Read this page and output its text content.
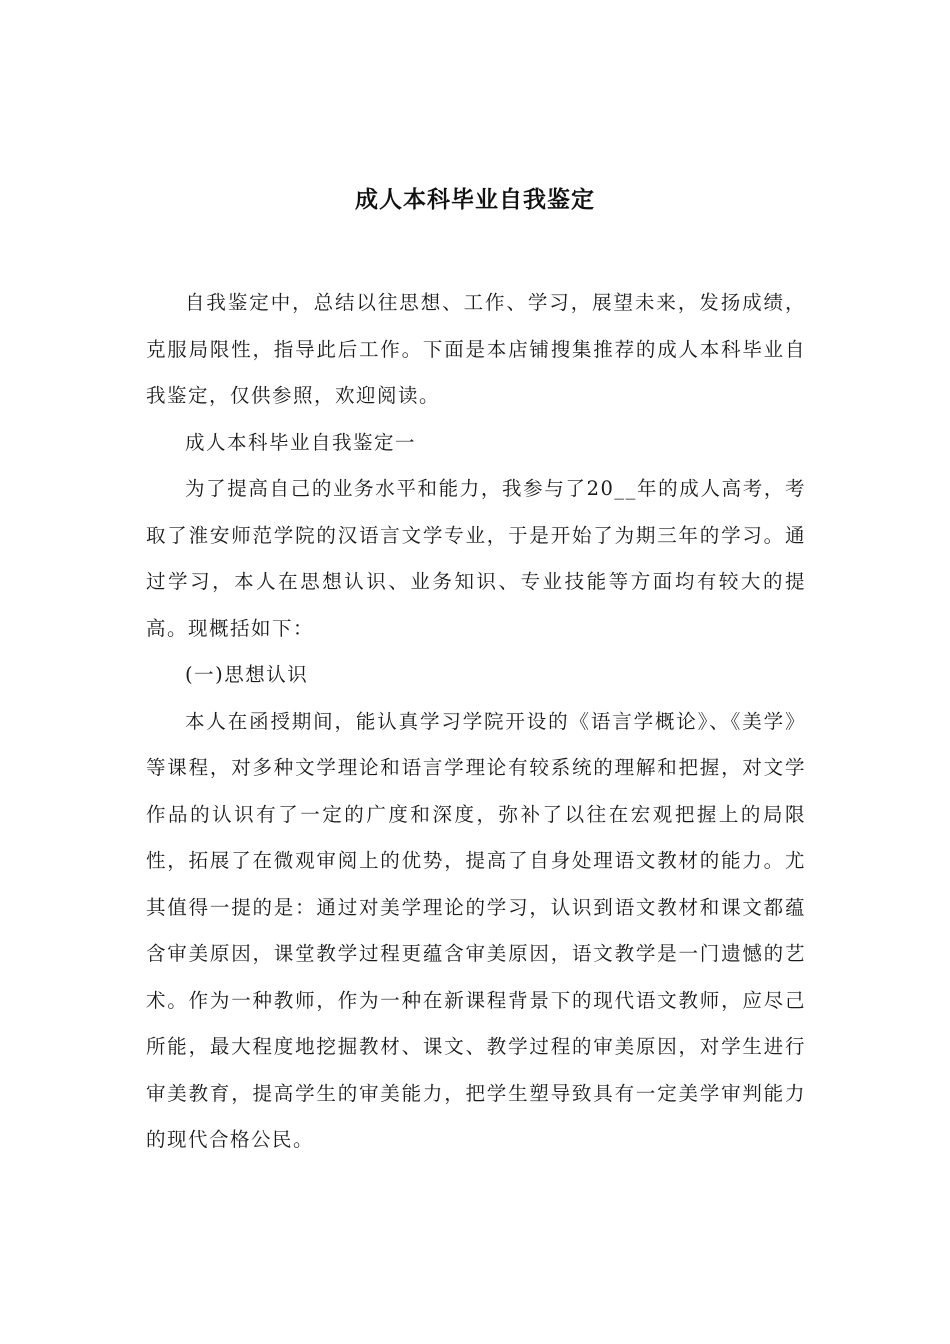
成人本科毕业自我鉴定

自我鉴定中，总结以往思想、工作、学习，展望未来，发扬成绩，克服局限性，指导此后工作。下面是本店铺搜集推荐的成人本科毕业自我鉴定，仅供参照，欢迎阅读。

成人本科毕业自我鉴定一

为了提高自己的业务水平和能力，我参与了20__年的成人高考，考取了淮安师范学院的汉语言文学专业，于是开始了为期三年的学习。通过学习，本人在思想认识、业务知识、专业技能等方面均有较大的提高。现概括如下：

(一)思想认识

本人在函授期间，能认真学习学院开设的《语言学概论》、《美学》等课程，对多种文学理论和语言学理论有较系统的理解和把握，对文学作品的认识有了一定的广度和深度，弥补了以往在宏观把握上的局限性，拓展了在微观审阅上的优势，提高了自身处理语文教材的能力。尤其值得一提的是：通过对美学理论的学习，认识到语文教材和课文都蕴含审美原因，课堂教学过程更蕴含审美原因，语文教学是一门遗憾的艺术。作为一种教师，作为一种在新课程背景下的现代语文教师，应尽己所能，最大程度地挖掘教材、课文、教学过程的审美原因，对学生进行审美教育，提高学生的审美能力，把学生塑导致具有一定美学审判能力的现代合格公民。
